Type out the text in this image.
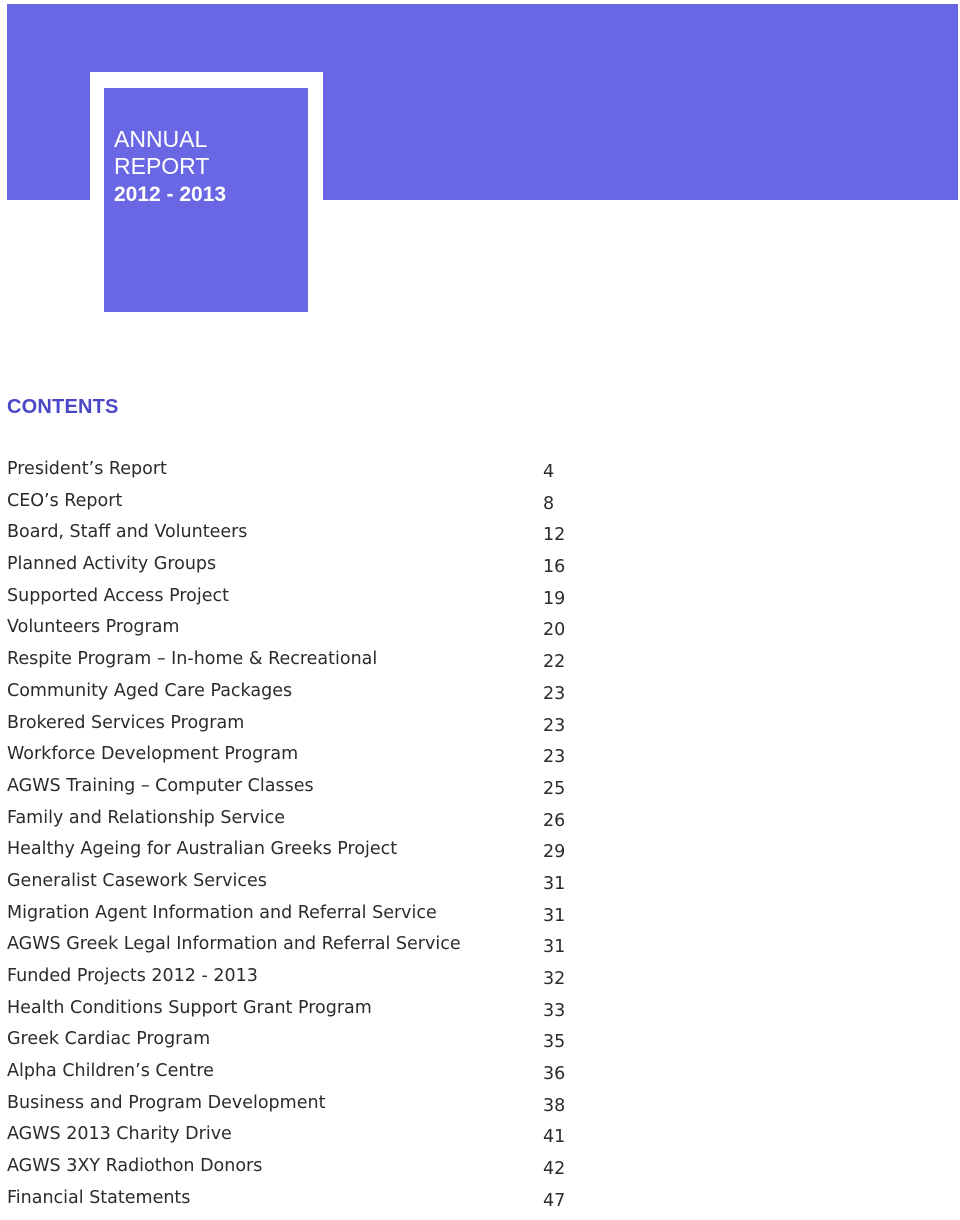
ANNUAL
REPORT
2012 - 2013
CONTENTS
President’s Report	4
CEO’s Report	8
Board, Staff and Volunteers	12
Planned Activity Groups	16
Supported Access Project	19
Volunteers Program	20
Respite Program – In-home & Recreational	22
Community Aged Care Packages	23
Brokered Services Program	23
Workforce Development Program	23
AGWS Training – Computer Classes	25
Family and Relationship Service	26
Healthy Ageing for Australian Greeks Project	29
Generalist Casework Services	31
Migration Agent Information and Referral Service	31
AGWS Greek Legal Information and Referral Service	31
Funded Projects 2012 - 2013	32
Health Conditions Support Grant Program	33
Greek Cardiac Program	35
Alpha Children’s Centre	36
Business and Program Development	38
AGWS 2013 Charity Drive	41
AGWS 3XY Radiothon Donors	42
Financial Statements	47
